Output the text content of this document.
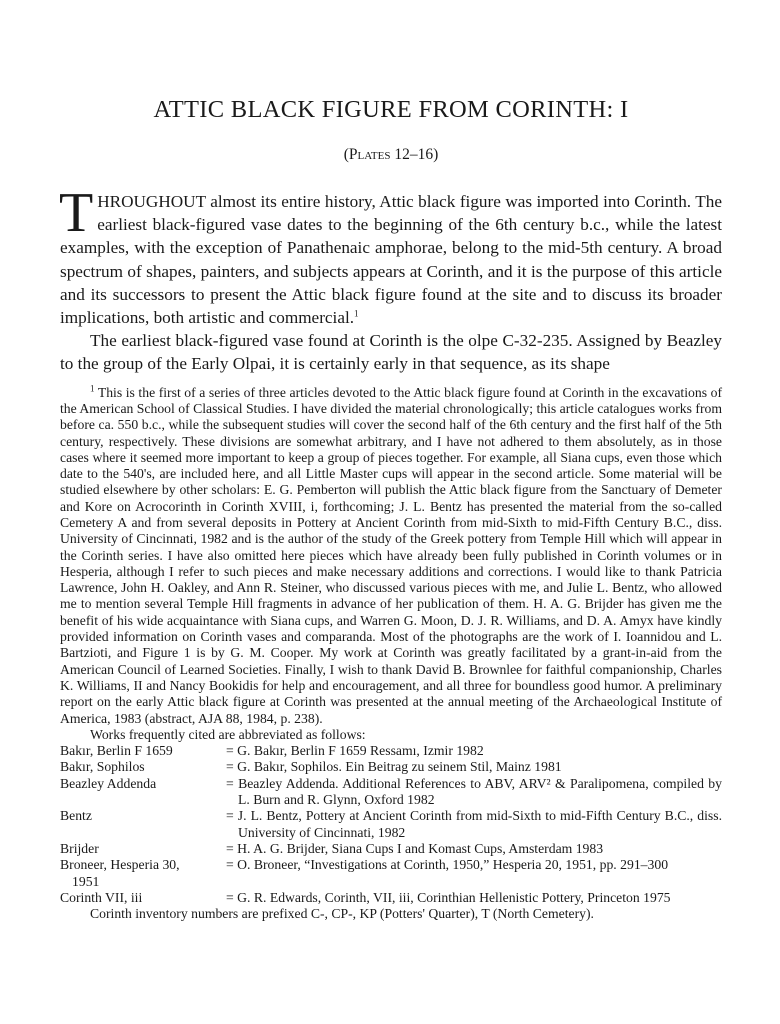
ATTIC BLACK FIGURE FROM CORINTH: I
(Plates 12–16)

THROUGHOUT almost its entire history, Attic black figure was imported into Corinth. The earliest black-figured vase dates to the beginning of the 6th century b.c., while the latest examples, with the exception of Panathenaic amphorae, belong to the mid-5th century. A broad spectrum of shapes, painters, and subjects appears at Corinth, and it is the purpose of this article and its successors to present the Attic black figure found at the site and to discuss its broader implications, both artistic and commercial.$^1$

The earliest black-figured vase found at Corinth is the olpe C-32-235. Assigned by Beazley to the group of the Early Olpai, it is certainly early in that sequence, as its shape

$^1$ This is the first of a series of three articles devoted to the Attic black figure found at Corinth in the excavations of the American School of Classical Studies. I have divided the material chronologically; this article catalogues works from before ca. 550 b.c., while the subsequent studies will cover the second half of the 6th century and the first half of the 5th century, respectively. These divisions are somewhat arbitrary, and I have not adhered to them absolutely, as in those cases where it seemed more important to keep a group of pieces together. For example, all Siana cups, even those which date to the 540's, are included here, and all Little Master cups will appear in the second article. Some material will be studied elsewhere by other scholars: E. G. Pemberton will publish the Attic black figure from the Sanctuary of Demeter and Kore on Acrocorinth in Corinth XVIII, i, forthcoming; J. L. Bentz has presented the material from the so-called Cemetery A and from several deposits in Pottery at Ancient Corinth from mid-Sixth to mid-Fifth Century B.C., diss. University of Cincinnati, 1982 and is the author of the study of the Greek pottery from Temple Hill which will appear in the Corinth series. I have also omitted here pieces which have already been fully published in Corinth volumes or in Hesperia, although I refer to such pieces and make necessary additions and corrections. I would like to thank Patricia Lawrence, John H. Oakley, and Ann R. Steiner, who discussed various pieces with me, and Julie L. Bentz, who allowed me to mention several Temple Hill fragments in advance of her publication of them. H. A. G. Brijder has given me the benefit of his wide acquaintance with Siana cups, and Warren G. Moon, D. J. R. Williams, and D. A. Amyx have kindly provided information on Corinth vases and comparanda. Most of the photographs are the work of I. Ioannidou and L. Bartzioti, and Figure 1 is by G. M. Cooper. My work at Corinth was greatly facilitated by a grant-in-aid from the American Council of Learned Societies. Finally, I wish to thank David B. Brownlee for faithful companionship, Charles K. Williams, II and Nancy Bookidis for help and encouragement, and all three for boundless good humor. A preliminary report on the early Attic black figure at Corinth was presented at the annual meeting of the Archaeological Institute of America, 1983 (abstract, AJA 88, 1984, p. 238).

Works frequently cited are abbreviated as follows:

Bakır, Berlin F 1659	= G. Bakır, Berlin F 1659 Ressamı, Izmir 1982
Bakır, Sophilos	= G. Bakır, Sophilos. Ein Beitrag zu seinem Stil, Mainz 1981
Beazley Addenda	= Beazley Addenda. Additional References to ABV, ARV² & Paralipomena, compiled by L. Burn and R. Glynn, Oxford 1982
Bentz	= J. L. Bentz, Pottery at Ancient Corinth from mid-Sixth to mid-Fifth Century B.C., diss. University of Cincinnati, 1982
Brijder	= H. A. G. Brijder, Siana Cups I and Komast Cups, Amsterdam 1983
Broneer, Hesperia 30,
1951	= O. Broneer, “Investigations at Corinth, 1950,” Hesperia 20, 1951, pp. 291–300
Corinth VII, iii	= G. R. Edwards, Corinth, VII, iii, Corinthian Hellenistic Pottery, Princeton 1975

Corinth inventory numbers are prefixed C-, CP-, KP (Potters' Quarter), T (North Cemetery).
